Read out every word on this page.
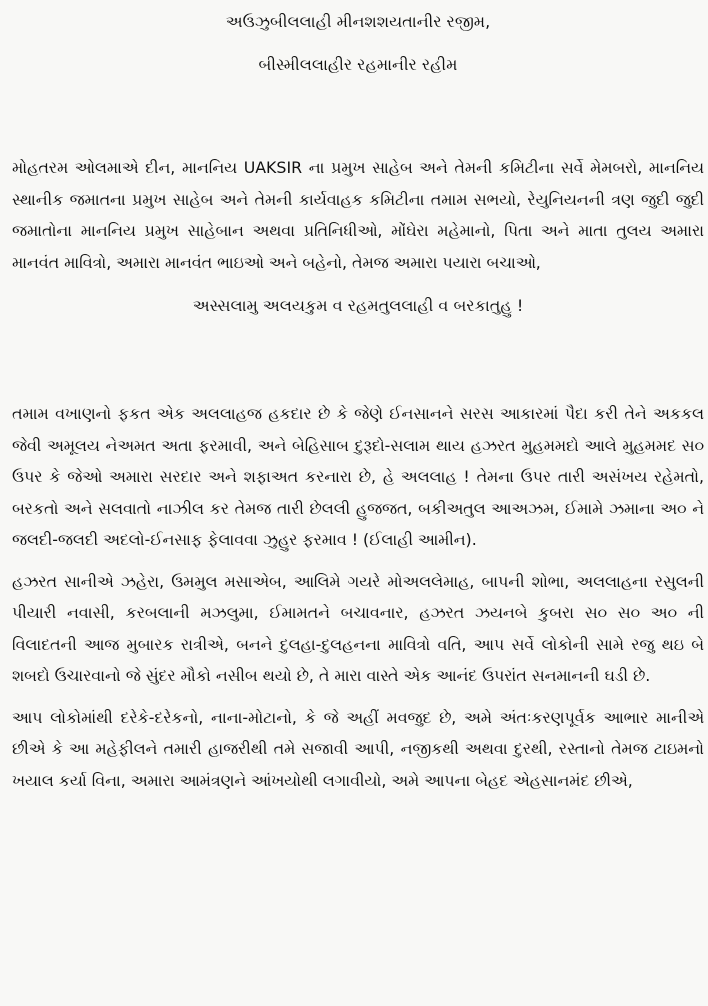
અઉઝુબીલલાહી મીનશશયતાનીર રજીમ,

બીસ્મીલલાહીર રહમાનીર રહીમ

મોહતરમ ઓલમાએ દીન, માનનિય UAKSIR ના પ્રમુખ સાહેબ અને તેમની કમિટીના સર્વે મેમબરો, માનનિય સ્થાનીક જમાતના પ્રમુખ સાહેબ અને તેમની કાર્યવાહક કમિટીના તમામ સભયો, રેયુનિયનની ત્રણ જુદી જુદી જમાતોના માનનિય પ્રમુખ સાહેબાન અથવા પ્રતિનિધીઓ, મોંઘેરા મહેમાનો, પિતા અને માતા તુલય અમારા માનવંત માવિત્રો, અમારા માનવંત ભાઇઓ અને બહેનો, તેમજ અમારા પયારા બચાઓ,

અસ્સલામુ અલયકુમ વ રહમતુલલાહી વ બરકાતુહુ !

તમામ વખાણનો ફકત એક અલલાહજ હકદાર છે કે જેણે ઈનસાનને સરસ આકારમાં પૈદા કરી તેને અકકલ જેવી અમૂલય નેઅમત અતા ફરમાવી, અને બેહિસાબ દુરૂદો-સલામ થાય હઝરત મુહમમદો આલે મુહમમદ સ૦ ઉપર કે જેઓ અમારા સરદાર અને શફાઅત કરનારા છે, હે અલલાહ ! તેમના ઉપર તારી અસંખય રહેમતો, બરકતો અને સલવાતો નાઝીલ કર તેમજ તારી છેલલી હુજજત, બકીઅતુલ આઅઝમ, ઈમામે ઝમાના અ૦ ને જલદી-જલદી અદલો-ઈનસાફ ફેલાવવા ઝુહુર ફરમાવ ! (ઈલાહી આમીન).

હઝરત સાનીએ ઝહેરા, ઉમમુલ મસાએબ, આલિમે ગયરે મોઅલલેમાહ, બાપની શોભા, અલલાહના રસુલની પીયારી નવાસી, કરબલાની મઝલુમા, ઈમામતને બચાવનાર, હઝરત ઝયનબે કુબરા સ૦ સ૦ અ૦ ની વિલાદતની આજ મુબારક રાત્રીએ, બનને દુલહા-દુલહનના માવિત્રો વતિ, આપ સર્વે લોકોની સામે રજુ થઇ બે શબદો ઉચારવાનો જે સુંદર મૌકો નસીબ થયો છે, તે મારા વાસ્તે એક આનંદ ઉપરાંત સનમાનની ઘડી છે.

આપ લોકોમાંથી દરેકે-દરેકનો, નાના-મોટાનો, કે જે અહીં મવજુદ છે, અમે અંતઃકરણપૂર્વક આભાર માનીએ છીએ કે આ મહેફીલને તમારી હાજરીથી તમે સજાવી આપી, નજીકથી અથવા દુરથી, રસ્તાનો તેમજ ટાઇમનો ખયાલ કર્યા વિના, અમારા આમંત્રણને આંખયોથી લગાવીયો, અમે આપના બેહદ એહસાનમંદ છીએ,
